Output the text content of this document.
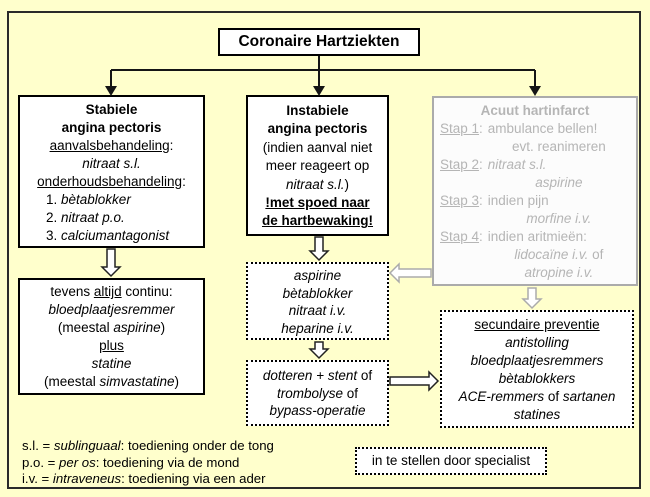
Coronaire Hartziekten
Stabiele
angina pectoris
aanvalsbehandeling:
nitraat s.l.
onderhoudsbehandeling:
1. bètablokker
2. nitraat p.o.
3. calciumantagonist
Instabiele
angina pectoris
(indien aanval niet
meer reageert op
nitraat s.l.)
!met spoed naar
de hartbewaking!
Acuut hartinfarct
Stap 1: ambulance bellen!
evt. reanimeren
Stap 2: nitraat s.l.
aspirine
Stap 3: indien pijn
morfine i.v.
Stap 4: indien aritmieën:
lidocaïne i.v. of
atropine i.v.
tevens altijd continu:
bloedplaatjesremmer
(meestal aspirine)
plus
statine
(meestal simvastatine)
aspirine
bètablokker
nitraat i.v.
heparine i.v.
dotteren + stent of
trombolyse of
bypass-operatie
secundaire preventie
antistolling
bloedplaatjesremmers
bètablokkers
ACE-remmers of sartanen
statines
s.l. = sublinguaal: toediening onder de tong
p.o. = per os: toediening via de mond
i.v. = intraveneus: toediening via een ader
in te stellen door specialist
